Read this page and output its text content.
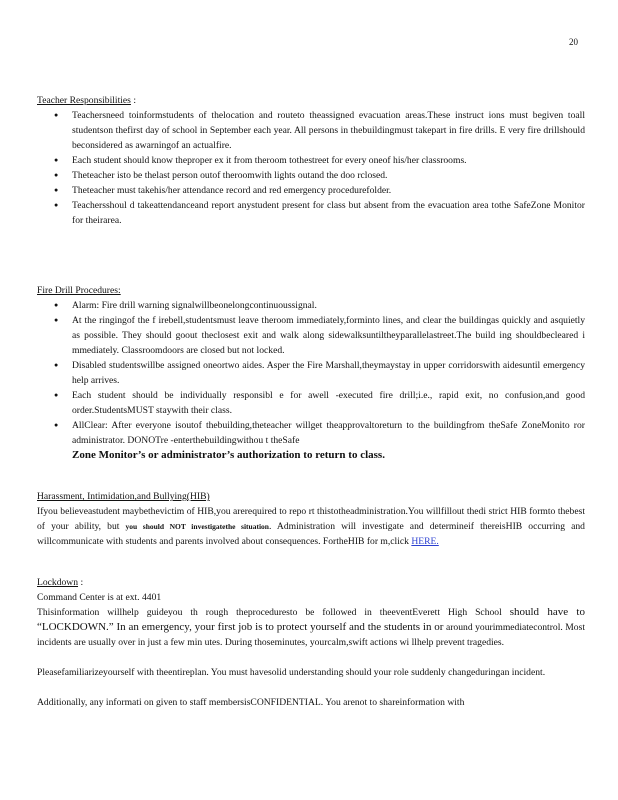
20

Teacher Responsibilities :

● Teachersneed toinformstudents of thelocation and routeto theassigned evacuation areas.These instruct ions must begiven toall studentson thefirst day of school in September each year. All persons in thebuildingmust takepart in fire drills. E very fire drillshould beconsidered as awarningof an actualfire.
● Each student should know theproper ex it from theroom tothestreet for every oneof his/her classrooms.
● Theteacher isto be thelast person outof theroomwith lights outand the doo rclosed.
● Theteacher must takehis/her attendance record and red emergency procedurefolder.
● Teachersshoul d takeattendanceand report anystudent present for class but absent from the evacuation area tothe SafeZone Monitor for theirarea.

Fire Drill Procedures:

● Alarm: Fire drill warning signalwillbeonelongcontinuoussignal.
● At the ringingof the f irebell,studentsmust leave theroom immediately,forminto lines, and clear the buildingas quickly and asquietly as possible. They should goout theclosest exit and walk along sidewalksuntiltheyparallelastreet.The build ing shouldbecleared i mmediately. Classroomdoors are closed but not locked.
● Disabled studentswillbe assigned oneortwo aides. Asper the Fire Marshall,theymaystay in upper corridorswith aidesuntil emergency help arrives.
● Each student should be individually responsibl e for awell -executed fire drill;i.e., rapid exit, no confusion,and good order.StudentsMUST staywith their class.
● AllClear: After everyone isoutof thebuilding,theteacher willget theapprovaltoreturn to the buildingfrom theSafe ZoneMonito ror administrator. DONOTre -enterthebuildingwithou t theSafe

Zone Monitor’s or administrator’s authorization to return to class.

Harassment, Intimidation,and Bullying(HIB)

Ifyou believeastudent maybethevictim of HIB,you arerequired to repo rt thistotheadministration.You willfillout thedi strict HIB formto thebest of your ability, but you should NOT investigatethe situation. Administration will investigate and determineif thereisHIB occurring and willcommunicate with students and parents involved about consequences. FortheHIB for m,click HERE.

Lockdown :

Command Center is at ext. 4401

Thisinformation willhelp guideyou th rough theproceduresto be followed in theeventEverett High School should have to “LOCKDOWN.” In an emergency, your first job is to protect yourself and the students in or around yourimmediatecontrol. Most incidents are usually over in just a few min utes. During thoseminutes, yourcalm,swift actions wi llhelp prevent tragedies.

Pleasefamiliarizeyourself with theentireplan. You must havesolid understanding should your role suddenly changeduringan incident.

Additionally, any informati on given to staff membersisCONFIDENTIAL. You arenot to shareinformation with
